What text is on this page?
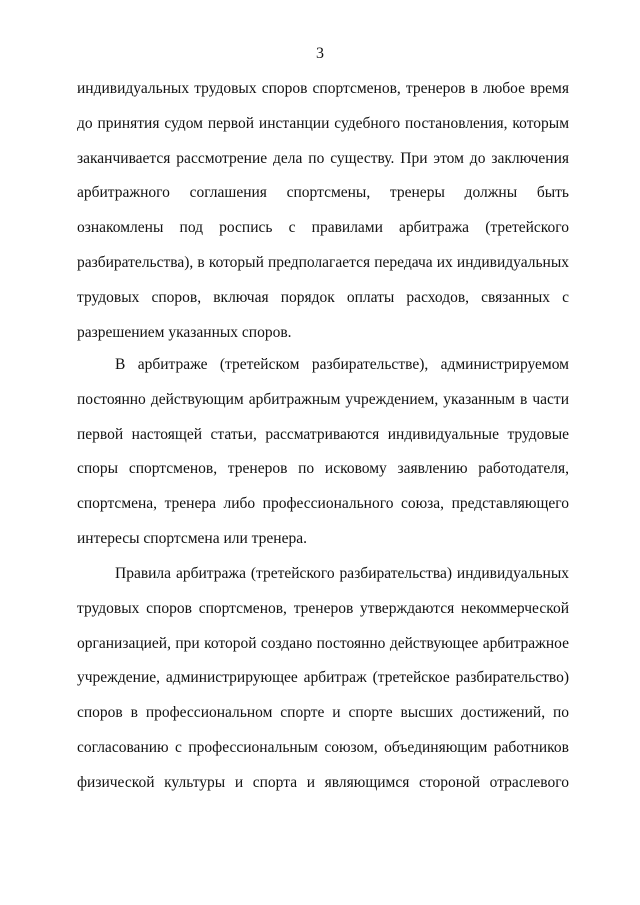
3
индивидуальных трудовых споров спортсменов, тренеров в любое время
до принятия судом первой инстанции судебного постановления, которым
заканчивается рассмотрение дела по существу. При этом до заключения
арбитражного соглашения спортсмены, тренеры должны быть
ознакомлены под роспись с правилами арбитража (третейского
разбирательства), в который предполагается передача их индивидуальных
трудовых споров, включая порядок оплаты расходов, связанных с
разрешением указанных споров.
В арбитраже (третейском разбирательстве), администрируемом
постоянно действующим арбитражным учреждением, указанным в части
первой настоящей статьи, рассматриваются индивидуальные трудовые
споры спортсменов, тренеров по исковому заявлению работодателя,
спортсмена, тренера либо профессионального союза, представляющего
интересы спортсмена или тренера.
Правила арбитража (третейского разбирательства) индивидуальных
трудовых споров спортсменов, тренеров утверждаются некоммерческой
организацией, при которой создано постоянно действующее арбитражное
учреждение, администрирующее арбитраж (третейское разбирательство)
споров в профессиональном спорте и спорте высших достижений, по
согласованию с профессиональным союзом, объединяющим работников
физической культуры и спорта и являющимся стороной отраслевого
